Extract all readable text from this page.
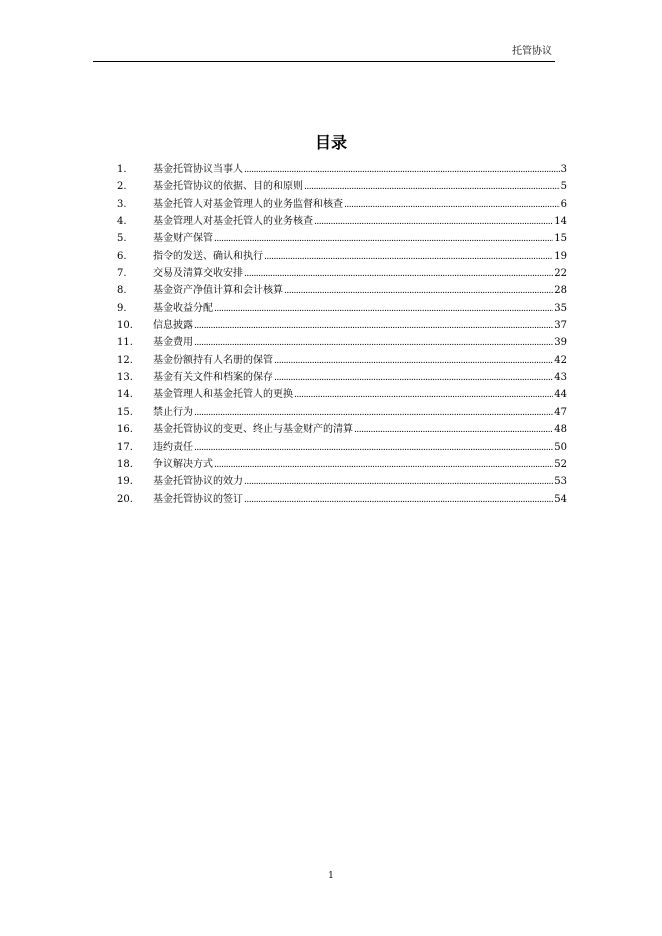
托管协议
目录
1.	基金托管协议当事人 .....	3
2.	基金托管协议的依据、目的和原则 .....	5
3.	基金托管人对基金管理人的业务监督和核查 .....	6
4.	基金管理人对基金托管人的业务核查 .....	14
5.	基金财产保管 .....	15
6.	指令的发送、确认和执行 .....	19
7.	交易及清算交收安排 .....	22
8.	基金资产净值计算和会计核算 .....	28
9.	基金收益分配 .....	35
10.	信息披露 .....	37
11.	基金费用 .....	39
12.	基金份额持有人名册的保管 .....	42
13.	基金有关文件和档案的保存 .....	43
14.	基金管理人和基金托管人的更换 .....	44
15.	禁止行为 .....	47
16.	基金托管协议的变更、终止与基金财产的清算 .....	48
17.	违约责任 .....	50
18.	争议解决方式 .....	52
19.	基金托管协议的效力 .....	53
20.	基金托管协议的签订 .....	54
1
